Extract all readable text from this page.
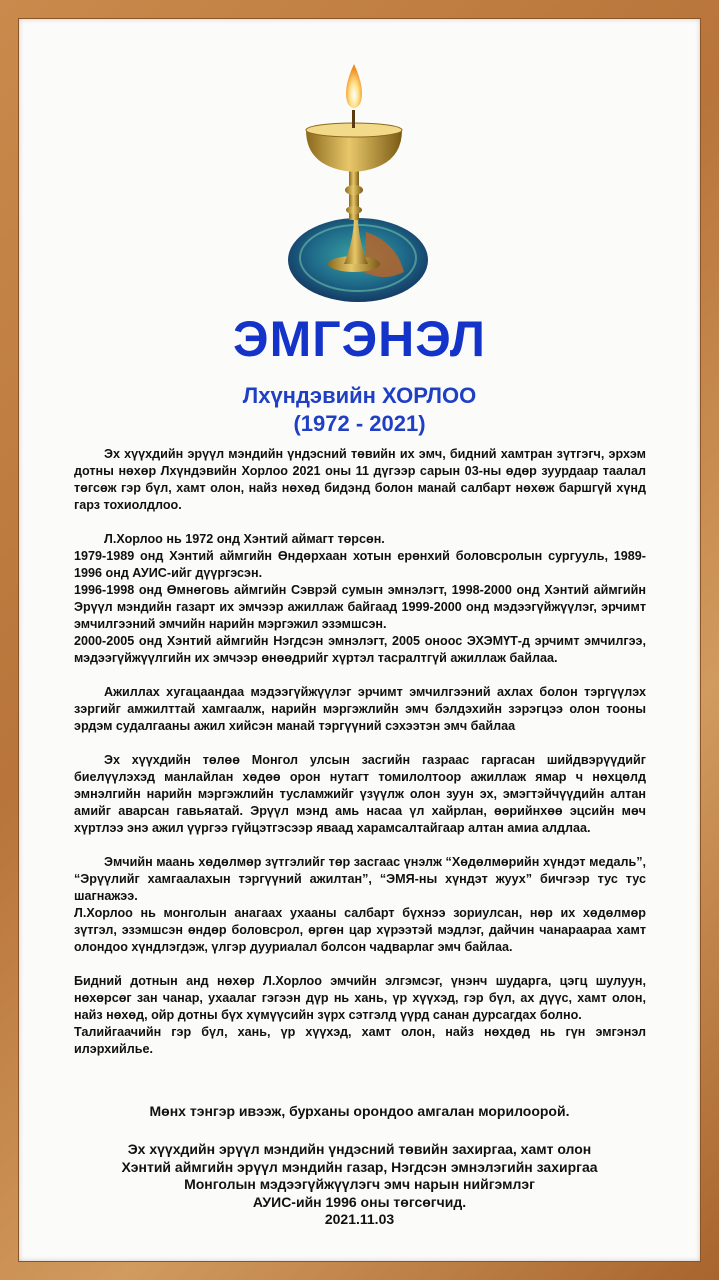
ЭМГЭНЭЛ
Лхүндэвийн ХОРЛОО
(1972 - 2021)

Эх хүүхдийн эрүүл мэндийн үндэсний төвийн их эмч, бидний хамтран зүтгэгч, эрхэм дотны нөхөр Лхүндэвийн Хорлоо 2021 оны 11 дүгээр сарын 03-ны өдөр зуурдаар таалал төгсөж гэр бүл, хамт олон, найз нөхөд бидэнд болон манай салбарт нөхөж баршгүй хүнд гарз тохиолдлоо.

Л.Хорлоо нь 1972 онд Хэнтий аймагт төрсөн.

1979-1989 онд Хэнтий аймгийн Өндөрхаан хотын ерөнхий боловсролын сургууль, 1989-1996 онд АУИС-ийг дүүргэсэн.

1996-1998 онд Өмнөговь аймгийн Сэврэй сумын эмнэлэгт, 1998-2000 онд Хэнтий аймгийн Эрүүл мэндийн газарт их эмчээр ажиллаж байгаад 1999-2000 онд мэдээгүйжүүлэг, эрчимт эмчилгээний эмчийн нарийн мэргэжил эзэмшсэн.

2000-2005 онд Хэнтий аймгийн Нэгдсэн эмнэлэгт, 2005 оноос ЭХЭМҮТ-д эрчимт эмчилгээ, мэдээгүйжүүлгийн их эмчээр өнөөдрийг хүртэл тасралтгүй ажиллаж байлаа.

Ажиллах хугацаандаа мэдээгүйжүүлэг эрчимт эмчилгээний ахлах болон тэргүүлэх зэргийг амжилттай хамгаалж, нарийн мэргэжлийн эмч бэлдэхийн зэрэгцээ олон тооны эрдэм судалгааны ажил хийсэн манай тэргүүний сэхээтэн эмч байлаа

Эх хүүхдийн төлөө Монгол улсын засгийн газраас гаргасан шийдвэрүүдийг биелүүлэхэд манлайлан хөдөө орон нутагт томилолтоор ажиллаж ямар ч нөхцөлд эмнэлгийн нарийн мэргэжлийн тусламжийг үзүүлж олон зуун эх, эмэгтэйчүүдийн алтан амийг аварсан гавьяатай. Эрүүл мэнд амь насаа үл хайрлан, өөрийнхөө эцсийн мөч хүртлээ энэ ажил үүргээ гүйцэтгэсээр яваад харамсалтайгаар алтан амиа алдлаа.

Эмчийн маань хөдөлмөр зүтгэлийг төр засгаас үнэлж “Хөдөлмөрийн хүндэт медаль”, “Эрүүлийг хамгаалахын тэргүүний ажилтан”, “ЭМЯ-ны хүндэт жуух” бичгээр тус тус шагнажээ.

Л.Хорлоо нь монголын анагаах ухааны салбарт бүхнээ зориулсан, нөр их хөдөлмөр зүтгэл, эзэмшсэн өндөр боловсрол, өргөн цар хүрээтэй мэдлэг, дайчин чанараараа хамт олондоо хүндлэгдэж, үлгэр дууриалал болсон чадварлаг эмч байлаа.

Бидний дотнын анд нөхөр Л.Хорлоо эмчийн элгэмсэг, үнэнч шударга, цэгц шулуун, нөхөрсөг зан чанар, ухаалаг гэгээн дүр нь хань, үр хүүхэд, гэр бүл, ах дүүс, хамт олон, найз нөхөд, ойр дотны бүх хүмүүсийн зүрх сэтгэлд үүрд санан дурсагдах болно.

Талийгаачийн гэр бүл, хань, үр хүүхэд, хамт олон, найз нөхдөд нь гүн эмгэнэл илэрхийлье.

Мөнх тэнгэр ивээж, бурханы орондоо амгалан морилоорой.
Эх хүүхдийн эрүүл мэндийн үндэсний төвийн захиргаа, хамт олон
Хэнтий аймгийн эрүүл мэндийн газар, Нэгдсэн эмнэлэгийн захиргаа
Монголын мэдээгүйжүүлэгч эмч нарын нийгэмлэг
АУИС-ийн 1996 оны төгсөгчид.
2021.11.03
